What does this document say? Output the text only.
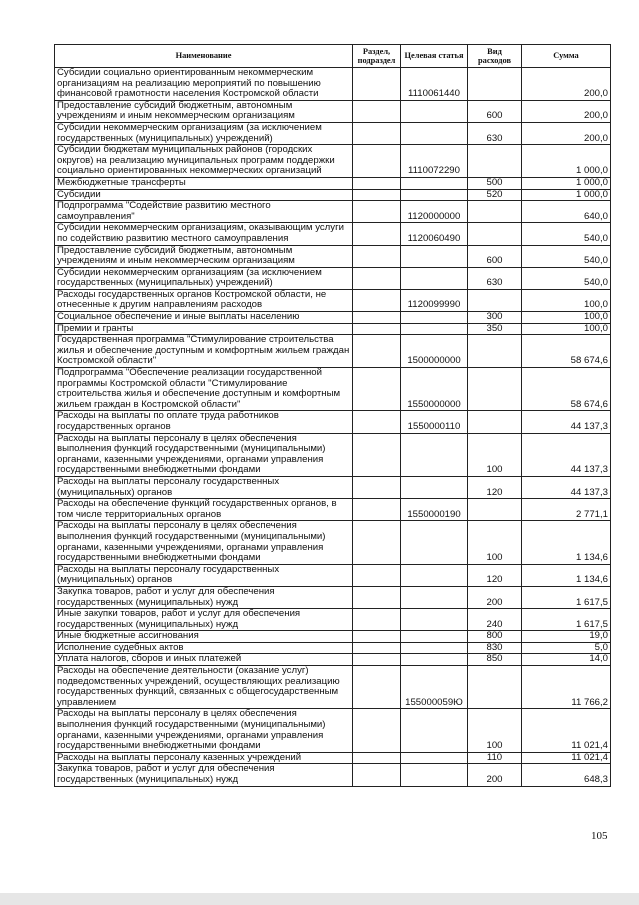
Наименование	Раздел, подраздел	Целевая статья	Вид расходов	Сумма
Субсидии социально ориентированным некоммерческим организациям на реализацию мероприятий по повышению финансовой грамотности населения Костромской области		1110061440		200,0
Предоставление субсидий бюджетным, автономным учреждениям и иным некоммерческим организациям			600	200,0
Субсидии некоммерческим организациям (за исключением государственных (муниципальных) учреждений)			630	200,0
Субсидии бюджетам муниципальных районов (городских округов) на реализацию муниципальных программ поддержки социально ориентированных некоммерческих организаций		1110072290		1 000,0
Межбюджетные трансферты			500	1 000,0
Субсидии			520	1 000,0
Подпрограмма "Содействие развитию местного самоуправления"		1120000000		640,0
Субсидии некоммерческим организациям, оказывающим услуги по содействию развитию местного самоуправления		1120060490		540,0
Предоставление субсидий бюджетным, автономным учреждениям и иным некоммерческим организациям			600	540,0
Субсидии некоммерческим организациям (за исключением государственных (муниципальных) учреждений)			630	540,0
Расходы государственных органов Костромской области, не отнесенные к другим направлениям расходов		1120099990		100,0
Социальное обеспечение и иные выплаты населению			300	100,0
Премии и гранты			350	100,0
Государственная программа "Стимулирование строительства жилья и обеспечение доступным и комфортным жильем граждан Костромской области"		1500000000		58 674,6
Подпрограмма "Обеспечение реализации государственной программы Костромской области "Стимулирование строительства жилья и обеспечение доступным и комфортным жильем граждан в Костромской области"		1550000000		58 674,6
Расходы на выплаты по оплате труда работников государственных органов		1550000110		44 137,3
Расходы на выплаты персоналу в целях обеспечения выполнения функций государственными (муниципальными) органами, казенными учреждениями, органами управления государственными внебюджетными фондами			100	44 137,3
Расходы на выплаты персоналу государственных (муниципальных) органов			120	44 137,3
Расходы на обеспечение функций государственных органов, в том числе территориальных органов		1550000190		2 771,1
Расходы на выплаты персоналу в целях обеспечения выполнения функций государственными (муниципальными) органами, казенными учреждениями, органами управления государственными внебюджетными фондами			100	1 134,6
Расходы на выплаты персоналу государственных (муниципальных) органов			120	1 134,6
Закупка товаров, работ и услуг для обеспечения государственных (муниципальных) нужд			200	1 617,5
Иные закупки товаров, работ и услуг для обеспечения государственных (муниципальных) нужд			240	1 617,5
Иные бюджетные ассигнования			800	19,0
Исполнение судебных актов			830	5,0
Уплата налогов, сборов и иных платежей			850	14,0
Расходы на обеспечение деятельности (оказание услуг) подведомственных учреждений, осуществляющих реализацию государственных функций, связанных с общегосударственным управлением		155000059Ю		11 766,2
Расходы на выплаты персоналу в целях обеспечения выполнения функций государственными (муниципальными) органами, казенными учреждениями, органами управления государственными внебюджетными фондами			100	11 021,4
Расходы на выплаты персоналу казенных учреждений			110	11 021,4
Закупка товаров, работ и услуг для обеспечения государственных (муниципальных) нужд			200	648,3
105
